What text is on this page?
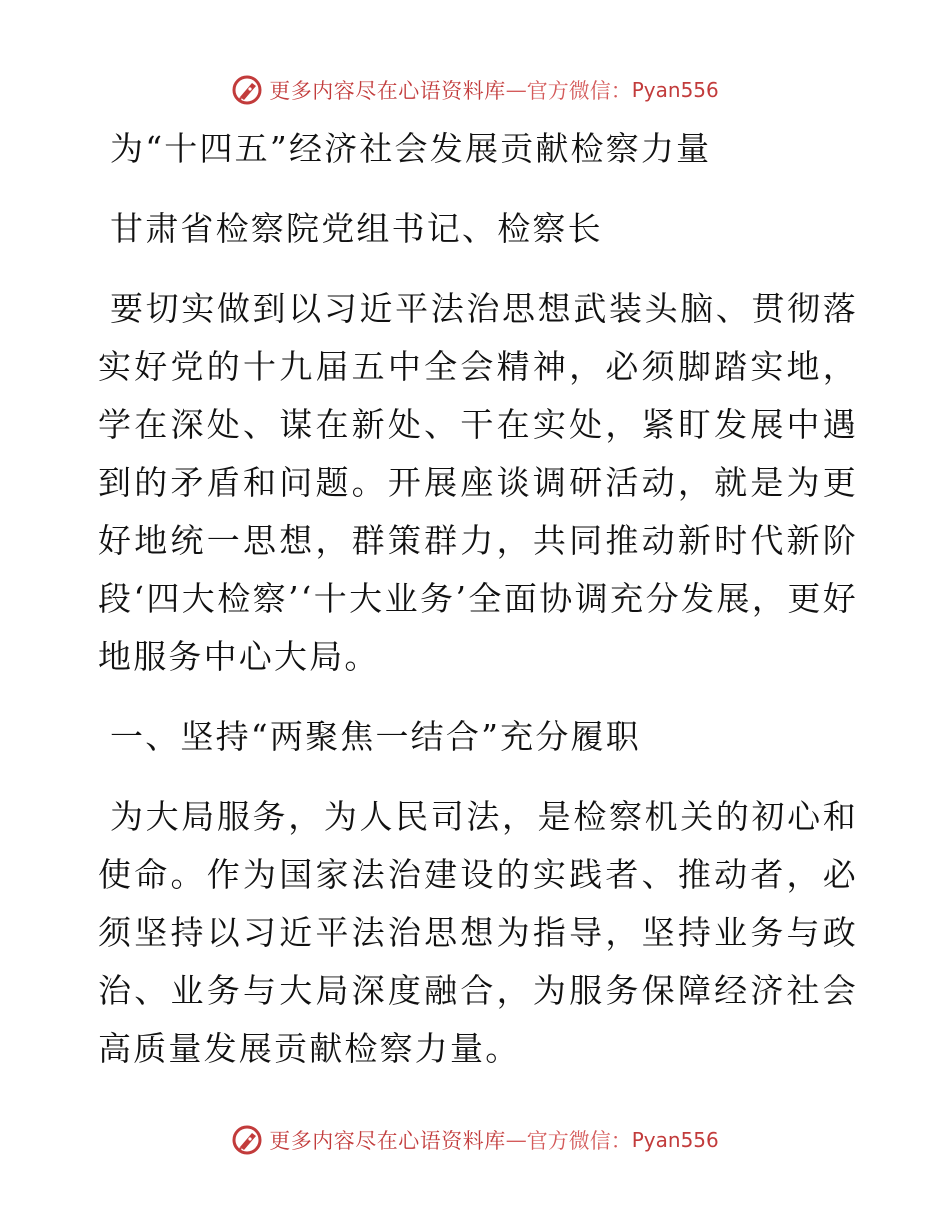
更多内容尽在心语资料库 — 官方微信： Pyan556

为“十四五”经济社会发展贡献检察力量

甘肃省检察院党组书记、检察长

要切实做到以习近平法治思想武装头脑、贯彻落实好党的十九届五中全会精神，必须脚踏实地，学在深处、谋在新处、干在实处，紧盯发展中遇到的矛盾和问题。开展座谈调研活动，就是为更好地统一思想，群策群力，共同推动新时代新阶段‘四大检察’‘十大业务’全面协调充分发展，更好地服务中心大局。

一、坚持“两聚焦一结合”充分履职

为大局服务，为人民司法，是检察机关的初心和使命。作为国家法治建设的实践者、推动者，必须坚持以习近平法治思想为指导，坚持业务与政治、业务与大局深度融合，为服务保障经济社会高质量发展贡献检察力量。

更多内容尽在心语资料库 — 官方微信： Pyan556
